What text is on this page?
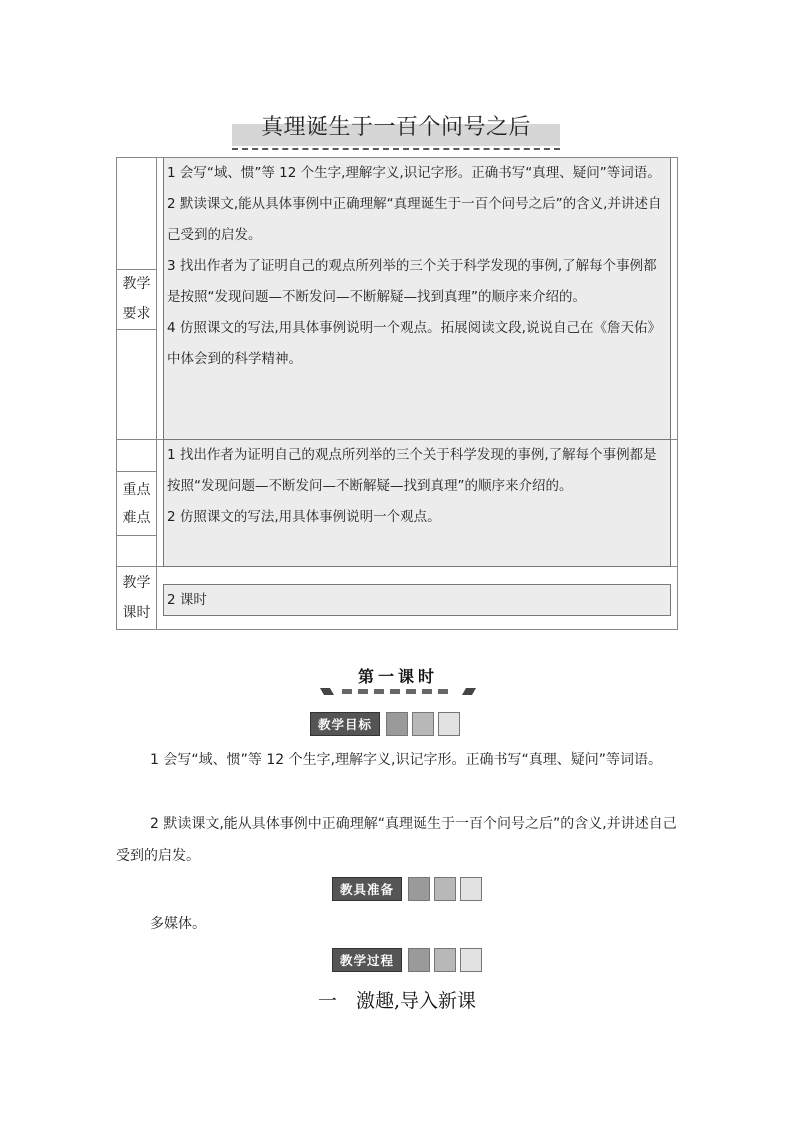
真理诞生于一百个问号之后
教学
要求

1 会写“域、惯”等 12 个生字,理解字义,识记字形。正确书写“真理、疑问”等词语。

2 默读课文,能从具体事例中正确理解“真理诞生于一百个问号之后”的含义,并讲述自己受到的启发。

3 找出作者为了证明自己的观点所列举的三个关于科学发现的事例,了解每个事例都是按照“发现问题—不断发问—不断解疑—找到真理”的顺序来介绍的。

4 仿照课文的写法,用具体事例说明一个观点。拓展阅读文段,说说自己在《詹天佑》中体会到的科学精神。

重点
难点

1 找出作者为证明自己的观点所列举的三个关于科学发现的事例,了解每个事例都是按照“发现问题—不断发问—不断解疑—找到真理”的顺序来介绍的。

2 仿照课文的写法,用具体事例说明一个观点。

教学
课时

2 课时

第一课时
教学目标

1 会写“域、惯”等 12 个生字,理解字义,识记字形。正确书写“真理、疑问”等词语。

2 默读课文,能从具体事例中正确理解“真理诞生于一百个问号之后”的含义,并讲述自己受到的启发。

教具准备

多媒体。

教学过程
一　激趣,导入新课
